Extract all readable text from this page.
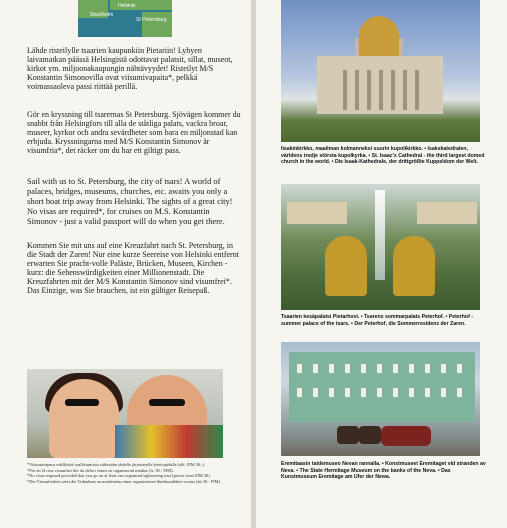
Stockholm
Helsinki
St Petersburg
Lähde risteilylle tsaarien kaupunkiin Pietariin! Lyhyen laivamatkan päässä Helsingistä odottavat palatsit, sillat, museot, kirkot ym. miljoonakaupungin nähtävyydet! Risteilyt M/S Konstantin Simonovilla ovat viisumivapaita*, pelkkä voimassaoleva passi riittää perillä.
Gör en kryssning till tsarernas St Petersburg. Sjövägen kommer du snabbt från Helsingfors till alla de ståtliga palats, vackra broar, museer, kyrkor och andra sevärdheter som bara en miljonstad kan erbjuda. Kryssningarna med M/S Konstantin Simonov är visumfria*, det räcker om du har ett giltigt pass.
Sail with us to St. Petersburg, the city of tsars! A world of palaces, bridges, museums, churches, etc. awaits you only a short boat trip away from Helsinki. The sights of a great city! No visas are required*, for cruises on M.S. Konstantin Simonov - just a valid passport will do when you get there.
Kommen Sie mit uns auf eine Kreuzfahrt nach St. Petersburg, in die Stadt der Zaren! Nur eine kurze Seereise von Helsinki entfernt erwarten Sie pracht-volle Paläste, Brücken, Museen, Kirchen - kurz: die Sehenswürdigkeiten einer Millionenstadt. Die Kreuzfahrten mit der M/S Konstantin Simonov sind visumfrei*. Das Einzige, was Sie brauchen, ist ein gültiger Reisepaß.

*Viisumivapaus edellyttää osallistumista vähintään yhdelle järjestetylle kiertoajelulle (alk. FIM 30,-).

*För att få resa visumfritt bör du delta i minst en organiserad rundtur (fr. 30,- FIM).

*No visas required provided that you go on at least one organised sightseeing tour (prices from FIM 30).

*Die Visumfreiheit setzt die Teilnahme an mindestens einer organisierten Stadtrundfahrt voraus (ab 30,- FIM).

Iisakinkirkko, maailman kolmanneksi suurin kupolikirkko. • Isakskatedralen, världens tredje största kupolkyrka. • St. Isaac's Cathedral - the third largest domed church in the world. • Die Isaak-Kathedrale, der drittgrößte Kuppeldom der Welt.
Tsaarien kesäpalatsi Pietarhovi. • Tsarens sommarpalats Peterhof. • Peterhof - summer palace of the tsars. • Der Peterhof, die Sommerresidenz der Zaren.
Eremitaasin taidemuseo Nevan rannalla. • Konstmuseet Eremitaget vid stranden av Neva. • The State Hermitage Museum on the banks of the Neva. • Das Kunstmuseum Eremitage am Ufer der Newa.
